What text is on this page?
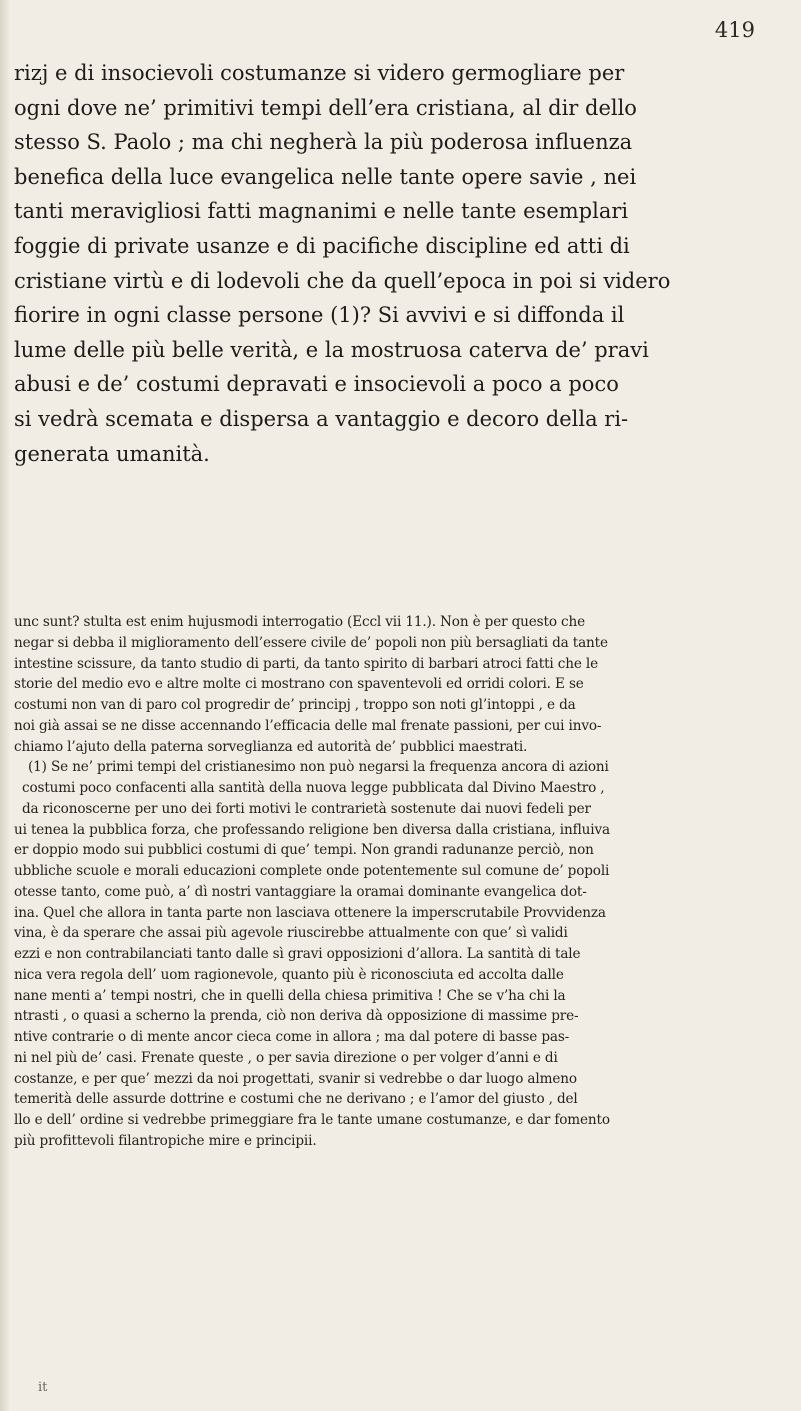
419
rizj e di insocievoli costumanze si videro germogliare per
ogni dove ne’ primitivi tempi dell’era cristiana, al dir dello
stesso S. Paolo ; ma chi negherà la più poderosa influenza
benefica della luce evangelica nelle tante opere savie , nei
tanti meravigliosi fatti magnanimi e nelle tante esemplari
foggie di private usanze e di pacifiche discipline ed atti di
cristiane virtù e di lodevoli che da quell’epoca in poi si videro
fiorire in ogni classe persone (1)? Si avvivi e si diffonda il
lume delle più belle verità, e la mostruosa caterva de’ pravi
abusi e de’ costumi depravati e insocievoli a poco a poco
si vedrà scemata e dispersa a vantaggio e decoro della ri-
generata umanità.
unc sunt? stulta est enim hujusmodi interrogatio (Eccl vii 11.). Non è per questo che
negar si debba il miglioramento dell’essere civile de’ popoli non più bersagliati da tante
intestine scissure, da tanto studio di parti, da tanto spirito di barbari atroci fatti che le
storie del medio evo e altre molte ci mostrano con spaventevoli ed orridi colori. E se
costumi non van di paro col progredir de’ principj , troppo son noti gl’intoppi , e da
noi già assai se ne disse accennando l’efficacia delle mal frenate passioni, per cui invo-
chiamo l’ajuto della paterna sorveglianza ed autorità de’ pubblici maestrati.
(1) Se ne’ primi tempi del cristianesimo non può negarsi la frequenza ancora di azioni
costumi poco confacenti alla santità della nuova legge pubblicata dal Divino Maestro ,
da riconoscerne per uno dei forti motivi le contrarietà sostenute dai nuovi fedeli per
ui tenea la pubblica forza, che professando religione ben diversa dalla cristiana, influiva
er doppio modo sui pubblici costumi di que’ tempi. Non grandi radunanze perciò, non
ubbliche scuole e morali educazioni complete onde potentemente sul comune de’ popoli
otesse tanto, come può, a’ dì nostri vantaggiare la oramai dominante evangelica dot-
ina. Quel che allora in tanta parte non lasciava ottenere la imperscrutabile Provvidenza
vina, è da sperare che assai più agevole riuscirebbe attualmente con que’ sì validi
ezzi e non contrabilanciati tanto dalle sì gravi opposizioni d’allora. La santità di tale
nica vera regola dell’ uom ragionevole, quanto più è riconosciuta ed accolta dalle
nane menti a’ tempi nostri, che in quelli della chiesa primitiva ! Che se v’ha chi la
ntrasti , o quasi a scherno la prenda, ciò non deriva dà opposizione di massime pre-
ntive contrarie o di mente ancor cieca come in allora ; ma dal potere di basse pas-
ni nel più de’ casi. Frenate queste , o per savia direzione o per volger d’anni e di
costanze, e per que’ mezzi da noi progettati, svanir si vedrebbe o dar luogo almeno
temerità delle assurde dottrine e costumi che ne derivano ; e l’amor del giusto , del
llo e dell’ ordine si vedrebbe primeggiare fra le tante umane costumanze, e dar fomento
più profittevoli filantropiche mire e principii.
it
